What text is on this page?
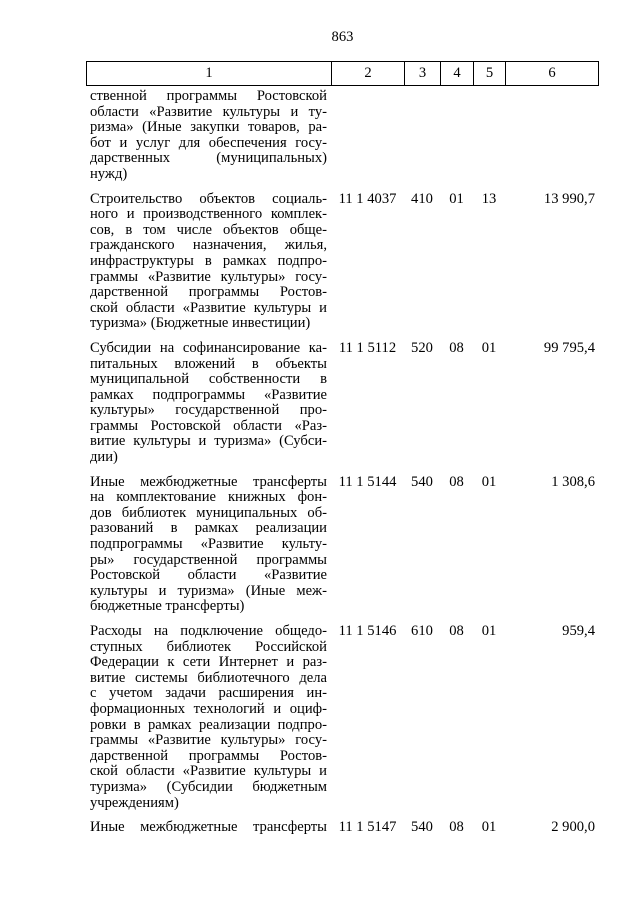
863
1	2	3	4	5	6
ственной программы Ростовской
области «Развитие культуры и ту-
ризма» (Иные закупки товаров, ра-
бот и услуг для обеспечения госу-
дарственных (муниципальных)
нужд)
Строительство объектов социаль-
ного и производственного комплек-
сов, в том числе объектов обще-
гражданского назначения, жилья,
инфраструктуры в рамках подпро-
граммы «Развитие культуры» госу-
дарственной программы Ростов-
ской области «Развитие культуры и
туризма» (Бюджетные инвестиции)
11 1 4037	410	01	13	13 990,7
Субсидии на софинансирование ка-
питальных вложений в объекты
муниципальной собственности в
рамках подпрограммы «Развитие
культуры» государственной про-
граммы Ростовской области «Раз-
витие культуры и туризма» (Субси-
дии)
11 1 5112	520	08	01	99 795,4
Иные межбюджетные трансферты
на комплектование книжных фон-
дов библиотек муниципальных об-
разований в рамках реализации
подпрограммы «Развитие культу-
ры» государственной программы
Ростовской области «Развитие
культуры и туризма» (Иные меж-
бюджетные трансферты)
11 1 5144	540	08	01	1 308,6
Расходы на подключение общедо-
ступных библиотек Российской
Федерации к сети Интернет и раз-
витие системы библиотечного дела
с учетом задачи расширения ин-
формационных технологий и оциф-
ровки в рамках реализации подпро-
граммы «Развитие культуры» госу-
дарственной программы Ростов-
ской области «Развитие культуры и
туризма» (Субсидии бюджетным
учреждениям)
11 1 5146	610	08	01	959,4
Иные межбюджетные трансферты 11 1 5147	540	08	01	2 900,0
